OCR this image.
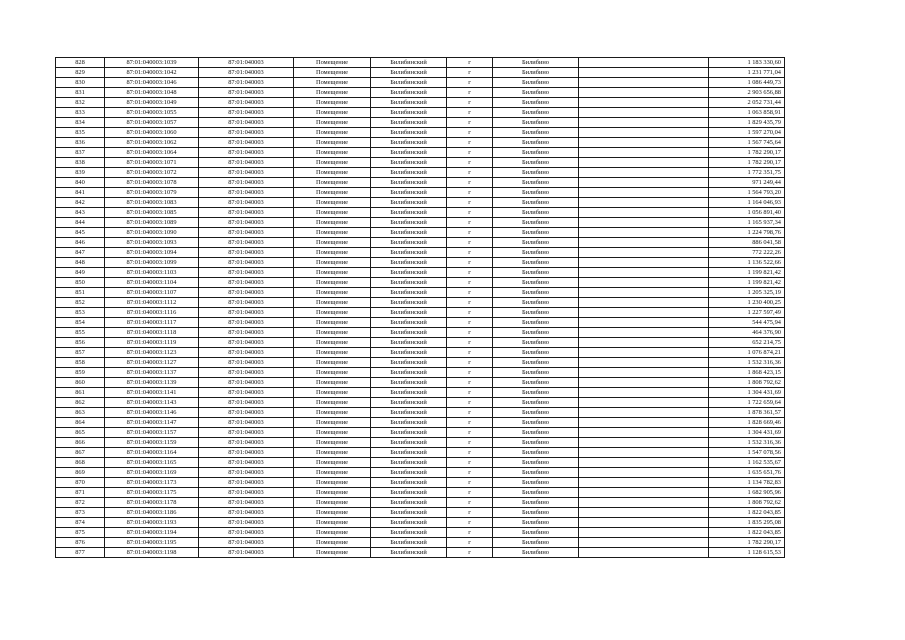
828	87:01:040003:1039	87:01:040003	Помещение	Билибинский	г	Билибино		1 183 330,60
829	87:01:040003:1042	87:01:040003	Помещение	Билибинский	г	Билибино		1 231 771,04
830	87:01:040003:1046	87:01:040003	Помещение	Билибинский	г	Билибино		1 086 449,73
831	87:01:040003:1048	87:01:040003	Помещение	Билибинский	г	Билибино		2 903 656,88
832	87:01:040003:1049	87:01:040003	Помещение	Билибинский	г	Билибино		2 052 731,44
833	87:01:040003:1055	87:01:040003	Помещение	Билибинский	г	Билибино		1 063 858,91
834	87:01:040003:1057	87:01:040003	Помещение	Билибинский	г	Билибино		1 829 435,79
835	87:01:040003:1060	87:01:040003	Помещение	Билибинский	г	Билибино		1 597 270,04
836	87:01:040003:1062	87:01:040003	Помещение	Билибинский	г	Билибино		1 567 745,64
837	87:01:040003:1064	87:01:040003	Помещение	Билибинский	г	Билибино		1 782 290,17
838	87:01:040003:1071	87:01:040003	Помещение	Билибинский	г	Билибино		1 782 290,17
839	87:01:040003:1072	87:01:040003	Помещение	Билибинский	г	Билибино		1 772 351,75
840	87:01:040003:1078	87:01:040003	Помещение	Билибинский	г	Билибино		971 249,44
841	87:01:040003:1079	87:01:040003	Помещение	Билибинский	г	Билибино		1 564 793,20
842	87:01:040003:1083	87:01:040003	Помещение	Билибинский	г	Билибино		1 164 046,93
843	87:01:040003:1085	87:01:040003	Помещение	Билибинский	г	Билибино		1 056 891,40
844	87:01:040003:1089	87:01:040003	Помещение	Билибинский	г	Билибино		1 165 937,34
845	87:01:040003:1090	87:01:040003	Помещение	Билибинский	г	Билибино		1 224 798,76
846	87:01:040003:1093	87:01:040003	Помещение	Билибинский	г	Билибино		886 041,58
847	87:01:040003:1094	87:01:040003	Помещение	Билибинский	г	Билибино		772 222,26
848	87:01:040003:1099	87:01:040003	Помещение	Билибинский	г	Билибино		1 136 522,66
849	87:01:040003:1103	87:01:040003	Помещение	Билибинский	г	Билибино		1 199 821,42
850	87:01:040003:1104	87:01:040003	Помещение	Билибинский	г	Билибино		1 199 821,42
851	87:01:040003:1107	87:01:040003	Помещение	Билибинский	г	Билибино		1 205 325,19
852	87:01:040003:1112	87:01:040003	Помещение	Билибинский	г	Билибино		1 230 400,25
853	87:01:040003:1116	87:01:040003	Помещение	Билибинский	г	Билибино		1 227 597,49
854	87:01:040003:1117	87:01:040003	Помещение	Билибинский	г	Билибино		544 475,94
855	87:01:040003:1118	87:01:040003	Помещение	Билибинский	г	Билибино		464 376,90
856	87:01:040003:1119	87:01:040003	Помещение	Билибинский	г	Билибино		652 214,75
857	87:01:040003:1123	87:01:040003	Помещение	Билибинский	г	Билибино		1 076 874,21
858	87:01:040003:1127	87:01:040003	Помещение	Билибинский	г	Билибино		1 532 316,36
859	87:01:040003:1137	87:01:040003	Помещение	Билибинский	г	Билибино		1 868 423,15
860	87:01:040003:1139	87:01:040003	Помещение	Билибинский	г	Билибино		1 808 792,62
861	87:01:040003:1141	87:01:040003	Помещение	Билибинский	г	Билибино		1 304 431,69
862	87:01:040003:1143	87:01:040003	Помещение	Билибинский	г	Билибино		1 722 659,64
863	87:01:040003:1146	87:01:040003	Помещение	Билибинский	г	Билибино		1 878 361,57
864	87:01:040003:1147	87:01:040003	Помещение	Билибинский	г	Билибино		1 828 669,46
865	87:01:040003:1157	87:01:040003	Помещение	Билибинский	г	Билибино		1 304 431,69
866	87:01:040003:1159	87:01:040003	Помещение	Билибинский	г	Билибино		1 532 316,36
867	87:01:040003:1164	87:01:040003	Помещение	Билибинский	г	Билибино		1 547 078,56
868	87:01:040003:1165	87:01:040003	Помещение	Билибинский	г	Билибино		1 162 535,67
869	87:01:040003:1169	87:01:040003	Помещение	Билибинский	г	Билибино		1 635 651,76
870	87:01:040003:1173	87:01:040003	Помещение	Билибинский	г	Билибино		1 134 782,83
871	87:01:040003:1175	87:01:040003	Помещение	Билибинский	г	Билибино		1 682 905,96
872	87:01:040003:1178	87:01:040003	Помещение	Билибинский	г	Билибино		1 808 792,62
873	87:01:040003:1186	87:01:040003	Помещение	Билибинский	г	Билибино		1 822 043,85
874	87:01:040003:1193	87:01:040003	Помещение	Билибинский	г	Билибино		1 835 295,08
875	87:01:040003:1194	87:01:040003	Помещение	Билибинский	г	Билибино		1 822 043,85
876	87:01:040003:1195	87:01:040003	Помещение	Билибинский	г	Билибино		1 782 290,17
877	87:01:040003:1198	87:01:040003	Помещение	Билибинский	г	Билибино		1 128 615,53
